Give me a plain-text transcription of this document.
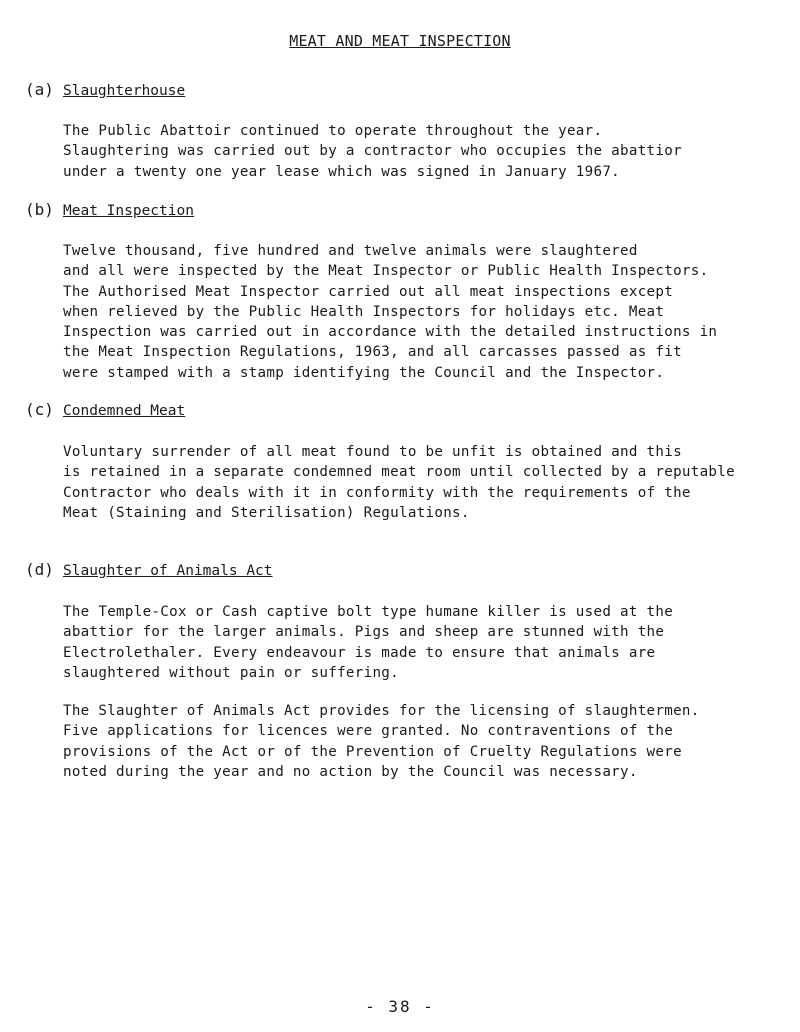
MEAT AND MEAT INSPECTION
(a) Slaughterhouse

The Public Abattoir continued to operate throughout the year.
Slaughtering was carried out by a contractor who occupies the abattior
under a twenty one year lease which was signed in January 1967.

(b) Meat Inspection

Twelve thousand, five hundred and twelve animals were slaughtered
and all were inspected by the Meat Inspector or Public Health Inspectors.
The Authorised Meat Inspector carried out all meat inspections except
when relieved by the Public Health Inspectors for holidays etc. Meat
Inspection was carried out in accordance with the detailed instructions in
the Meat Inspection Regulations, 1963, and all carcasses passed as fit
were stamped with a stamp identifying the Council and the Inspector.

(c) Condemned Meat

Voluntary surrender of all meat found to be unfit is obtained and this
is retained in a separate condemned meat room until collected by a reputable
Contractor who deals with it in conformity with the requirements of the
Meat (Staining and Sterilisation) Regulations.

(d) Slaughter of Animals Act

The Temple-Cox or Cash captive bolt type humane killer is used at the
abattior for the larger animals. Pigs and sheep are stunned with the
Electrolethaler. Every endeavour is made to ensure that animals are
slaughtered without pain or suffering.

The Slaughter of Animals Act provides for the licensing of slaughtermen.
Five applications for licences were granted. No contraventions of the
provisions of the Act or of the Prevention of Cruelty Regulations were
noted during the year and no action by the Council was necessary.

- 38 -
